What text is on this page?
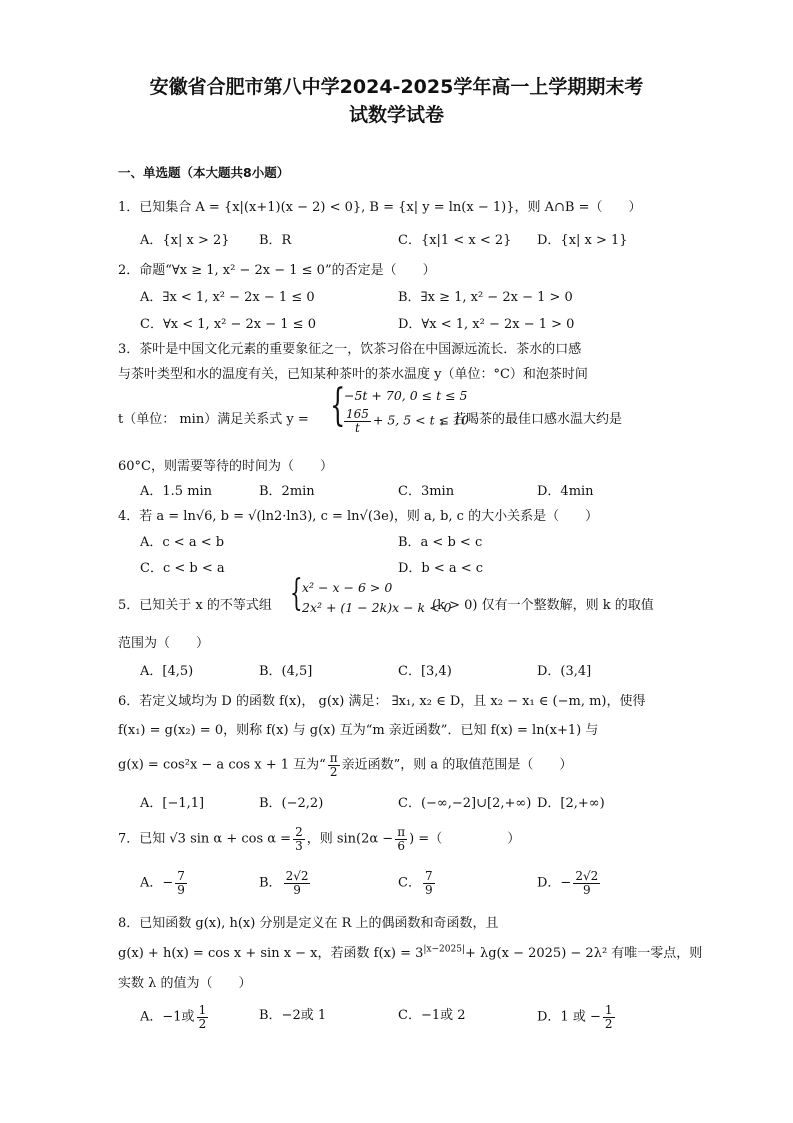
安徽省合肥市第八中学2024-2025学年高一上学期期末考
试数学试卷
一、单选题（本大题共8小题）
1．已知集合 A = {x|(x+1)(x − 2) < 0}, B = {x| y = ln(x − 1)}，则 A∩B =（　　）
A．{x| x > 2} B．R	C．{x|1 < x < 2} D．{x| x > 1}
2．命题“∀x ≥ 1, x² − 2x − 1 ≤ 0”的否定是（　　）
A．∃x < 1, x² − 2x − 1 ≤ 0	B．∃x ≥ 1, x² − 2x − 1 > 0
C．∀x < 1, x² − 2x − 1 ≤ 0	D．∀x < 1, x² − 2x − 1 > 0
3．茶叶是中国文化元素的重要象征之一，饮茶习俗在中国源远流长．茶水的口感
与茶叶类型和水的温度有关，已知某种茶叶的茶水温度 y（单位：°C）和泡茶时间
t（单位： min）满足关系式 y = {
−5t + 70, 0 ≤ t ≤ 5
$\frac{165}{t} + 5$, 5 < t ≤ 10
，若喝茶的最佳口感水温大约是
60°C，则需要等待的时间为（　　）
A．1.5 min	B．2min	C．3min	D．4min
4．若 a = ln√6, b = √(ln2·ln3), c = ln√(3e)，则 a, b, c 的大小关系是（　　）
A．c < a < b	B．a < b < c
C．c < b < a	D．b < a < c
5．已知关于 x 的不等式组 { x² − x − 6 > 0
2x² + (1 − 2k)x − k < 0
(k > 0) 仅有一个整数解，则 k 的取值
范围为（　　）
A．[4,5)	B．(4,5]	C．[3,4)	D．(3,4]
6．若定义域均为 D 的函数 f(x)， g(x) 满足： ∃x₁, x₂ ∈ D，且 x₂ − x₁ ∈ (−m, m)，使得
f(x₁) = g(x₂) = 0，则称 f(x) 与 g(x) 互为“m 亲近函数”．已知 f(x) = ln(x+1) 与
g(x) = cos²x − a cos x + 1 互为“ $\frac{\pi}{2}$ 亲近函数”，则 a 的取值范围是（　　）
A．[−1,1]	B．(−2,2)	C．(−∞,−2]∪[2,+∞) D．[2,+∞)
7．已知 √3 $\sin \alpha + \cos \alpha = \frac{2}{3}$ ，则 $\sin(2\alpha - \frac{\pi}{6}$ ) =（　　　　　）
A．− $\frac{7}{9}$	B． $\frac{2√2}{9}$	C． $\frac{7}{9}$	D．− $\frac{2√2}{9}$
8．已知函数 g(x), h(x) 分别是定义在 R 上的偶函数和奇函数，且
g(x) + h(x) = cos x + sin x − x，若函数 $f(x) = 3^{|x-2025|}+ \lambda g(x - 2025) - 2\lambda^2$ 有唯一零点，则
实数 λ 的值为（　　）
A．−1或 $\frac{1}{2}$	B．−2或 1	C．−1或 2	D．1 或 − $\frac{1}{2}$
